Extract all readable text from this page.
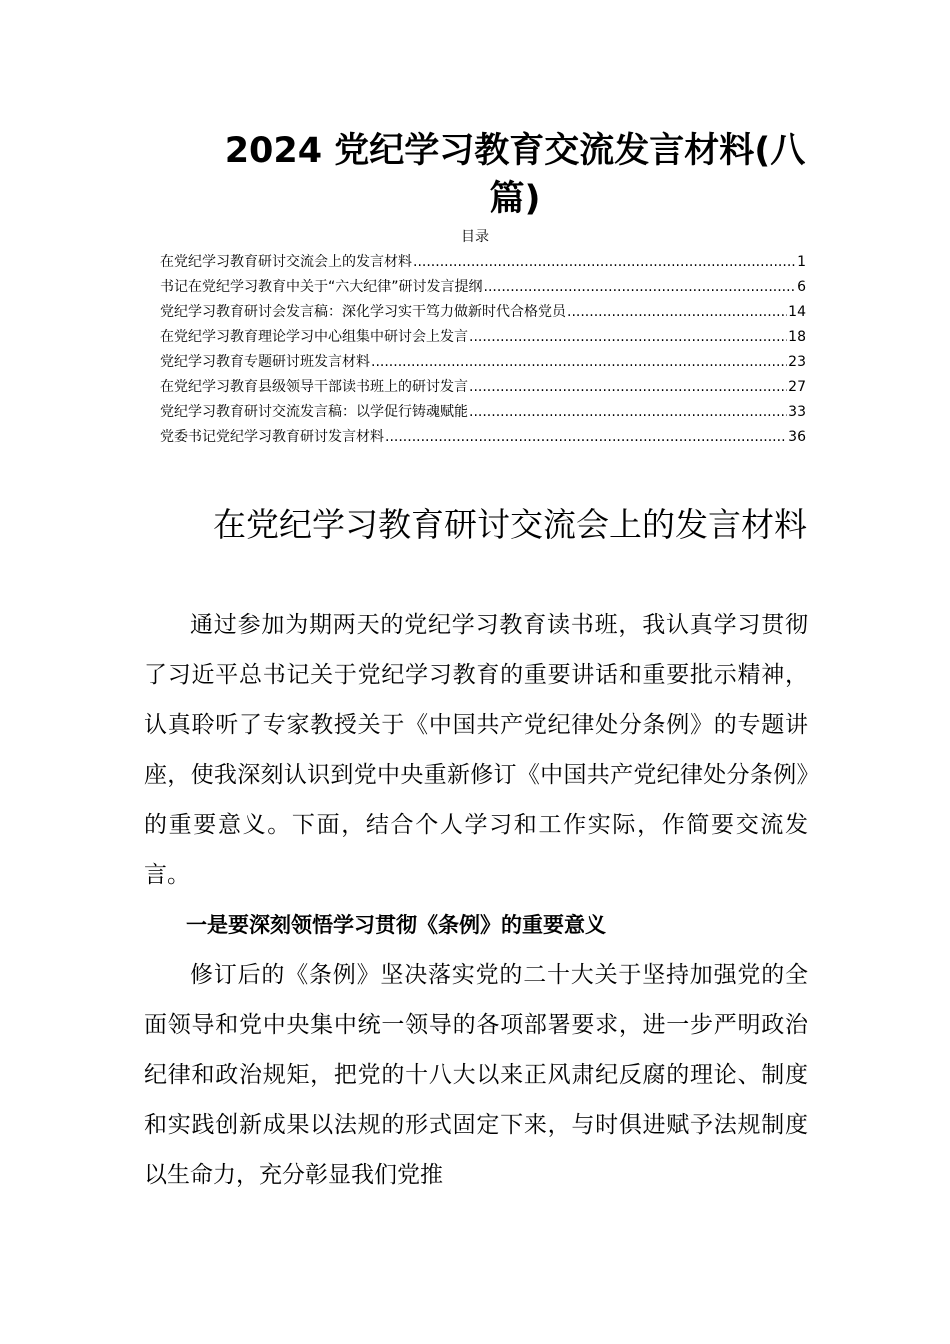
2024 党纪学习教育交流发言材料(八篇)
目录
在党纪学习教育研讨交流会上的发言材料 .....	1
书记在党纪学习教育中关于“六大纪律”研讨发言提纲 .....	6
党纪学习教育研讨会发言稿：深化学习实干笃力做新时代合格党员 .....	14
在党纪学习教育理论学习中心组集中研讨会上发言 .....	18
党纪学习教育专题研讨班发言材料 .....	23
在党纪学习教育县级领导干部读书班上的研讨发言 .....	27
党纪学习教育研讨交流发言稿：以学促行铸魂赋能 .....	33
党委书记党纪学习教育研讨发言材料 .....	36
在党纪学习教育研讨交流会上的发言材料

通过参加为期两天的党纪学习教育读书班，我认真学习贯彻了习近平总书记关于党纪学习教育的重要讲话和重要批示精神，认真聆听了专家教授关于《中国共产党纪律处分条例》的专题讲座，使我深刻认识到党中央重新修订《中国共产党纪律处分条例》的重要意义。下面，结合个人学习和工作实际，作简要交流发言。

一是要深刻领悟学习贯彻《条例》的重要意义

修订后的《条例》坚决落实党的二十大关于坚持加强党的全面领导和党中央集中统一领导的各项部署要求，进一步严明政治纪律和政治规矩，把党的十八大以来正风肃纪反腐的理论、制度和实践创新成果以法规的形式固定下来，与时俱进赋予法规制度以生命力，充分彰显我们党推
